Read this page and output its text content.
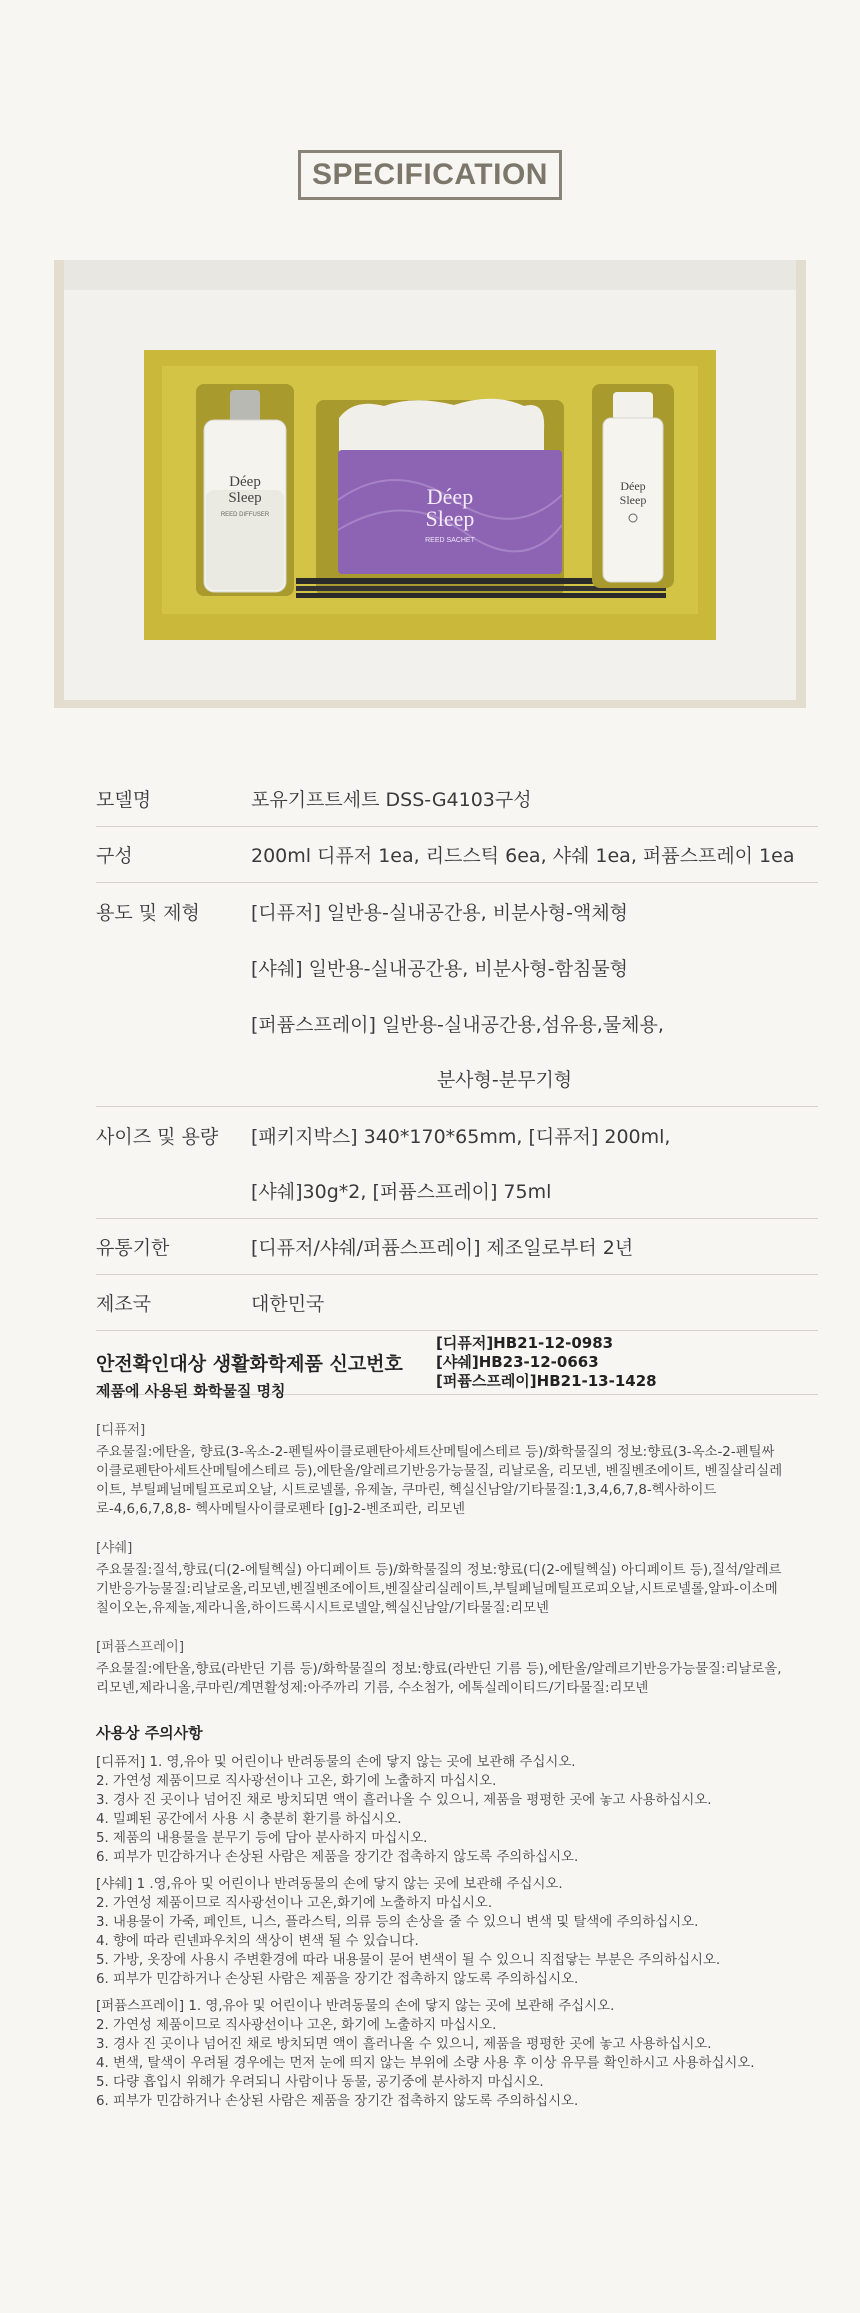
SPECIFICATION
Déep
Sleep
REED DIFFUSER
Déep
Sleep
REED SACHET
Déep
Sleep
모델명	포유기프트세트 DSS-G4103구성
구성	200ml 디퓨저 1ea, 리드스틱 6ea, 샤쉐 1ea, 퍼퓸스프레이 1ea
용도 및 제형	[디퓨저] 일반용-실내공간용, 비분사형-액체형
[샤쉐] 일반용-실내공간용, 비분사형-함침물형
[퍼퓸스프레이] 일반용-실내공간용,섬유용,물체용,
분사형-분무기형
사이즈 및 용량	[패키지박스] 340*170*65mm, [디퓨저] 200ml,
[샤쉐]30g*2, [퍼퓸스프레이] 75ml
유통기한	[디퓨저/샤쉐/퍼퓸스프레이] 제조일로부터 2년
제조국	대한민국
안전확인대상 생활화학제품 신고번호
[디퓨저]HB21-12-0983
[샤쉐]HB23-12-0663
[퍼퓸스프레이]HB21-13-1428
제품에 사용된 화학물질 명칭

[디퓨저]

주요물질:에탄올, 향료(3-옥소-2-펜틸싸이클로펜탄아세트산메틸에스테르 등)/화학물질의 정보:향료(3-옥소-2-펜틸싸이클로펜탄아세트산메틸에스테르 등),에탄올/알레르기반응가능물질, 리날로올, 리모넨, 벤질벤조에이트, 벤질살리실레이트, 부틸페닐메틸프로피오날, 시트로넬롤, 유제놀, 쿠마린, 헥실신남알/기타물질:1,3,4,6,7,8-헥사하이드로-4,6,6,7,8,8- 헥사메틸사이클로펜타 [g]-2-벤조피란, 리모넨

[샤쉐]

주요물질:질석,향료(디(2-에틸헥실) 아디페이트 등)/화학물질의 정보:향료(디(2-에틸헥실) 아디페이트 등),질석/알레르기반응가능물질:리날로올,리모넨,벤질벤조에이트,벤질살리실레이트,부틸페닐메틸프로피오날,시트로넬롤,알파-이소메칠이오논,유제놀,제라니올,하이드록시시트로넬알,헥실신남알/기타물질:리모넨

[퍼퓸스프레이]

주요물질:에탄올,향료(라반딘 기름 등)/화학물질의 정보:향료(라반딘 기름 등),에탄올/알레르기반응가능물질:리날로올,리모넨,제라니올,쿠마린/계면활성제:아주까리 기름, 수소첨가, 에톡실레이티드/기타물질:리모넨

사용상 주의사항

[디퓨저] 1. 영,유아 및 어린이나 반려동물의 손에 닿지 않는 곳에 보관해 주십시오.

2. 가연성 제품이므로 직사광선이나 고온, 화기에 노출하지 마십시오.

3. 경사 진 곳이나 넘어진 채로 방치되면 액이 흘러나올 수 있으니, 제품을 평평한 곳에 놓고 사용하십시오.

4. 밀폐된 공간에서 사용 시 충분히 환기를 하십시오.

5. 제품의 내용물을 분무기 등에 담아 분사하지 마십시오.

6. 피부가 민감하거나 손상된 사람은 제품을 장기간 접촉하지 않도록 주의하십시오.

[샤쉐] 1 .영,유아 및 어린이나 반려동물의 손에 닿지 않는 곳에 보관해 주십시오.

2. 가연성 제품이므로 직사광선이나 고온,화기에 노출하지 마십시오.

3. 내용물이 가죽, 페인트, 니스, 플라스틱, 의류 등의 손상을 줄 수 있으니 변색 및 탈색에 주의하십시오.

4. 향에 따라 린넨파우치의 색상이 변색 될 수 있습니다.

5. 가방, 옷장에 사용시 주변환경에 따라 내용물이 묻어 변색이 될 수 있으니 직접닿는 부분은 주의하십시오.

6. 피부가 민감하거나 손상된 사람은 제품을 장기간 접촉하지 않도록 주의하십시오.

[퍼퓸스프레이] 1. 영,유아 및 어린이나 반려동물의 손에 닿지 않는 곳에 보관해 주십시오.

2. 가연성 제품이므로 직사광선이나 고온, 화기에 노출하지 마십시오.

3. 경사 진 곳이나 넘어진 채로 방치되면 액이 흘러나올 수 있으니, 제품을 평평한 곳에 놓고 사용하십시오.

4. 변색, 탈색이 우려될 경우에는 먼저 눈에 띄지 않는 부위에 소량 사용 후 이상 유무를 확인하시고 사용하십시오.

5. 다량 흡입시 위해가 우려되니 사람이나 동물, 공기중에 분사하지 마십시오.

6. 피부가 민감하거나 손상된 사람은 제품을 장기간 접촉하지 않도록 주의하십시오.
